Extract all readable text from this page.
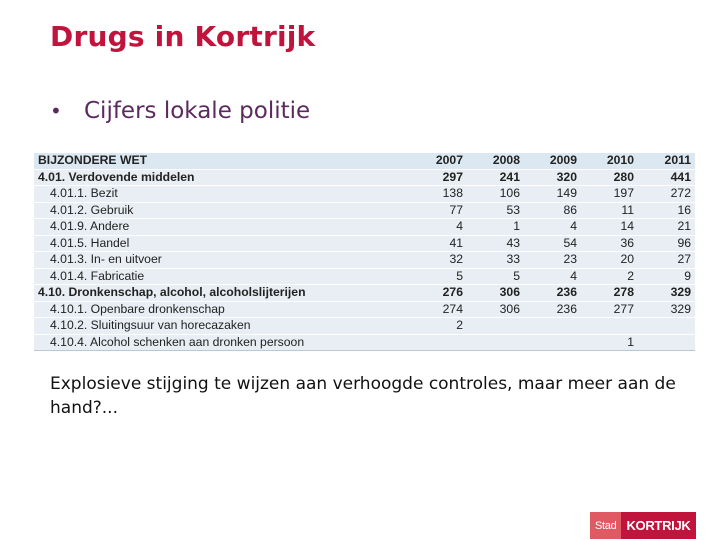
Drugs in Kortrijk
• Cijfers lokale politie
BIJZONDERE WET	2007	2008	2009	2010	2011
4.01. Verdovende middelen	297	241	320	280	441
4.01.1. Bezit	138	106	149	197	272
4.01.2. Gebruik	77	53	86	11	16
4.01.9. Andere	4	1	4	14	21
4.01.5. Handel	41	43	54	36	96
4.01.3. In- en uitvoer	32	33	23	20	27
4.01.4. Fabricatie	5	5	4	2	9
4.10. Dronkenschap, alcohol, alcoholslijterijen	276	306	236	278	329
4.10.1. Openbare dronkenschap	274	306	236	277	329
4.10.2. Sluitingsuur van horecazaken	2				
4.10.4. Alcohol schenken aan dronken persoon				1	
Explosieve stijging te wijzen aan verhoogde controles, maar meer aan de hand?...
Stad KORTRIJK
